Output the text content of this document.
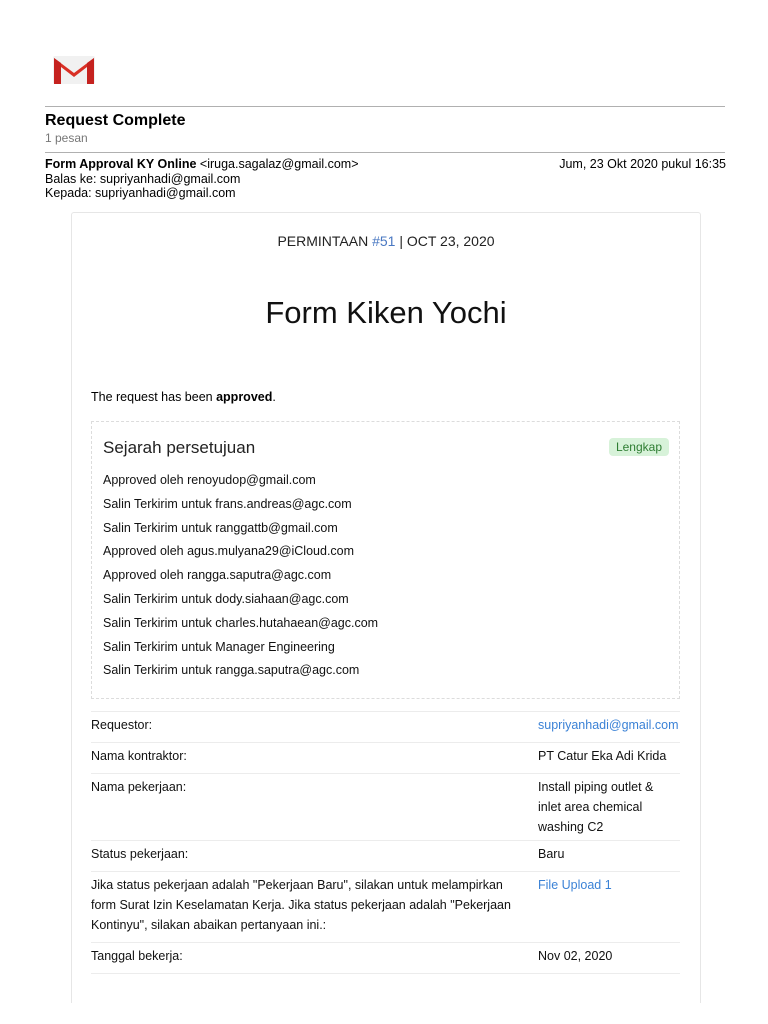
Request Complete
1 pesan
Form Approval KY Online <iruga.sagalaz@gmail.com>	Jum, 23 Okt 2020 pukul 16:35
Balas ke: supriyanhadi@gmail.com
Kepada: supriyanhadi@gmail.com
PERMINTAAN #51 | OCT 23, 2020
Form Kiken Yochi
The request has been approved.
Sejarah persetujuan	Lengkap
Approved oleh renoyudop@gmail.com
Salin Terkirim untuk frans.andreas@agc.com
Salin Terkirim untuk ranggattb@gmail.com
Approved oleh agus.mulyana29@iCloud.com
Approved oleh rangga.saputra@agc.com
Salin Terkirim untuk dody.siahaan@agc.com
Salin Terkirim untuk charles.hutahaean@agc.com
Salin Terkirim untuk Manager Engineering
Salin Terkirim untuk rangga.saputra@agc.com
Requestor:	supriyanhadi@gmail.com
Nama kontraktor:	PT Catur Eka Adi Krida
Nama pekerjaan:	Install piping outlet & inlet area chemical washing C2
Status pekerjaan:	Baru
Jika status pekerjaan adalah "Pekerjaan Baru", silakan untuk melampirkan form Surat Izin Keselamatan Kerja. Jika status pekerjaan adalah "Pekerjaan Kontinyu", silakan abaikan pertanyaan ini.:
File Upload 1
Tanggal bekerja:	Nov 02, 2020
